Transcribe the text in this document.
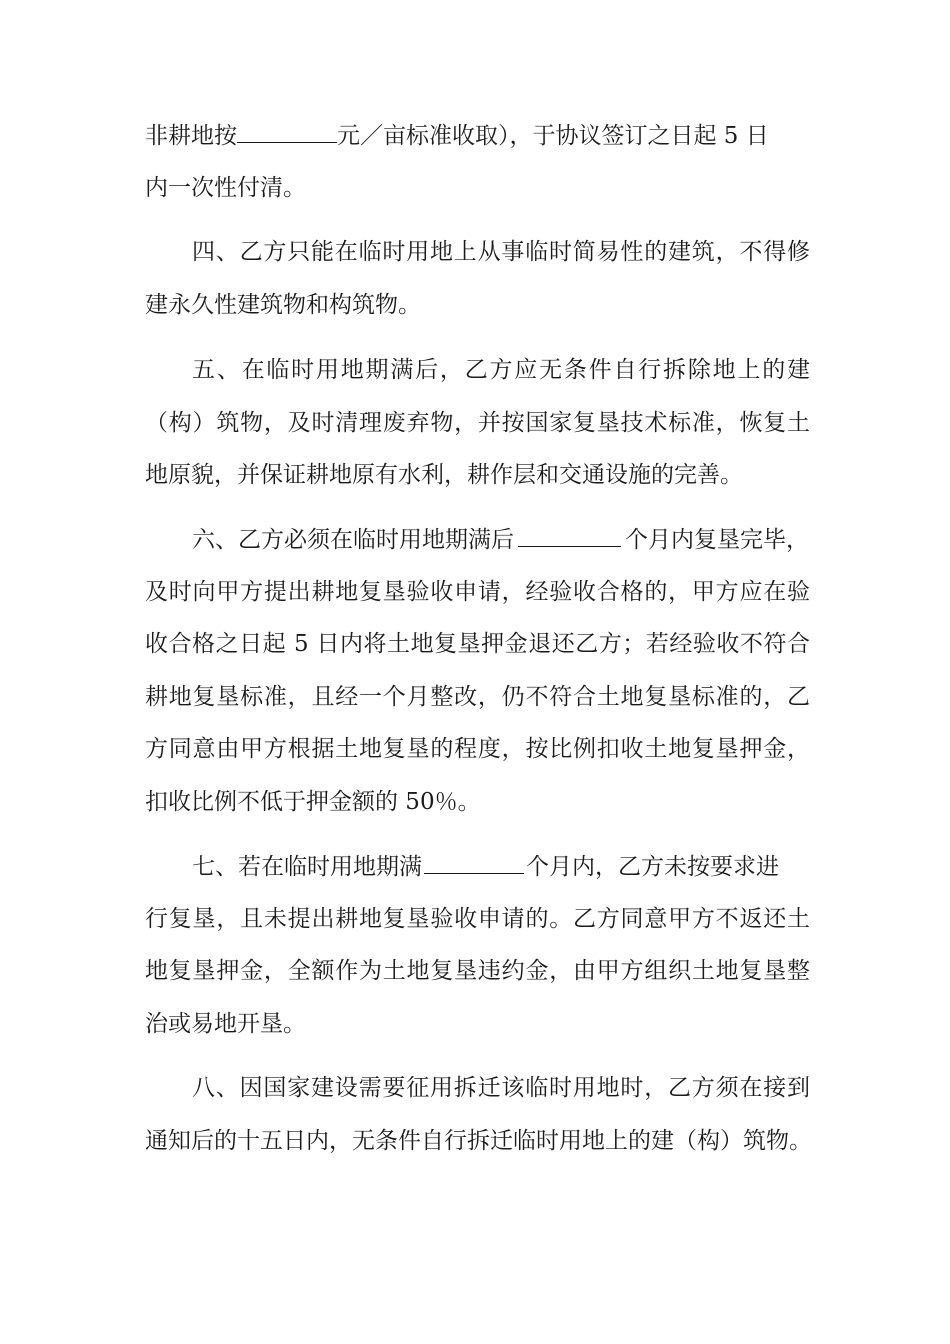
非耕地按	元／亩标准收取），于协议签订之日起 5 日
内一次性付清。
四、乙方只能在临时用地上从事临时简易性的建筑，不得修
建永久性建筑物和构筑物。
五、在临时用地期满后，乙方应无条件自行拆除地上的建
（构）筑物，及时清理废弃物，并按国家复垦技术标准，恢复土
地原貌，并保证耕地原有水利，耕作层和交通设施的完善。
六、乙方必须在临时用地期满后	个月内复垦完毕，
及时向甲方提出耕地复垦验收申请，经验收合格的，甲方应在验
收合格之日起 5 日内将土地复垦押金退还乙方；若经验收不符合
耕地复垦标准，且经一个月整改，仍不符合土地复垦标准的，乙
方同意由甲方根据土地复垦的程度，按比例扣收土地复垦押金，
扣收比例不低于押金额的 50％。
七、若在临时用地期满	个月内，乙方未按要求进
行复垦，且未提出耕地复垦验收申请的。乙方同意甲方不返还土
地复垦押金，全额作为土地复垦违约金，由甲方组织土地复垦整
治或易地开垦。
八、因国家建设需要征用拆迁该临时用地时，乙方须在接到
通知后的十五日内，无条件自行拆迁临时用地上的建（构）筑物。
